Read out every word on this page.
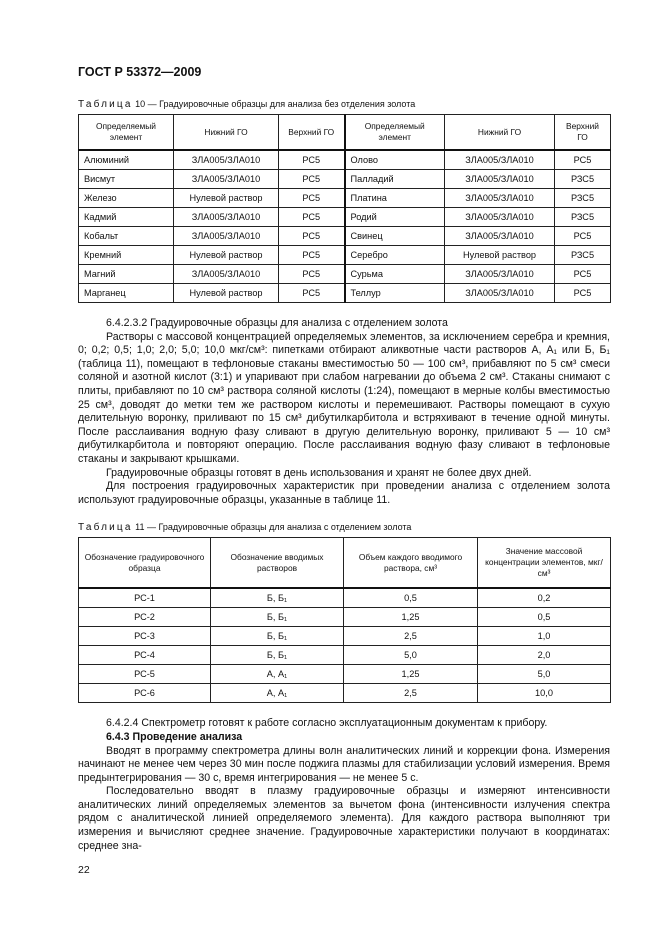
ГОСТ Р 53372—2009
Таблица 10 — Градуировочные образцы для анализа без отделения золота
Определяемый элемент	Нижний ГО	Верхний ГО	Определяемый элемент	Нижний ГО	Верхний ГО
Алюминий	ЗЛА005/ЗЛА010	РС5	Олово	ЗЛА005/ЗЛА010	РС5
Висмут	ЗЛА005/ЗЛА010	РС5	Палладий	ЗЛА005/ЗЛА010	РЗС5
Железо	Нулевой раствор	РС5	Платина	ЗЛА005/ЗЛА010	РЗС5
Кадмий	ЗЛА005/ЗЛА010	РС5	Родий	ЗЛА005/ЗЛА010	РЗС5
Кобальт	ЗЛА005/ЗЛА010	РС5	Свинец	ЗЛА005/ЗЛА010	РС5
Кремний	Нулевой раствор	РС5	Серебро	Нулевой раствор	РЗС5
Магний	ЗЛА005/ЗЛА010	РС5	Сурьма	ЗЛА005/ЗЛА010	РС5
Марганец	Нулевой раствор	РС5	Теллур	ЗЛА005/ЗЛА010	РС5

6.4.2.3.2 Градуировочные образцы для анализа с отделением золота

Растворы с массовой концентрацией определяемых элементов, за исключением серебра и кремния, 0; 0,2; 0,5; 1,0; 2,0; 5,0; 10,0 мкг/см³: пипетками отбирают аликвотные части растворов А, А₁ или Б, Б₁ (таблица 11), помещают в тефлоновые стаканы вместимостью 50 — 100 см³, прибавляют по 5 см³ смеси соляной и азотной кислот (3:1) и упаривают при слабом нагревании до объема 2 см³. Стаканы снимают с плиты, прибавляют по 10 см³ раствора соляной кислоты (1:24), помещают в мерные колбы вместимостью 25 см³, доводят до метки тем же раствором кислоты и перемешивают. Растворы помещают в сухую делительную воронку, приливают по 15 см³ дибутилкарбитола и встряхивают в течение одной минуты. После расслаивания водную фазу сливают в другую делительную воронку, приливают 5 — 10 см³ дибутилкарбитола и повторяют операцию. После расслаивания водную фазу сливают в тефлоновые стаканы и закрывают крышками.

Градуировочные образцы готовят в день использования и хранят не более двух дней.

Для построения градуировочных характеристик при проведении анализа с отделением золота используют градуировочные образцы, указанные в таблице 11.

Таблица 11 — Градуировочные образцы для анализа с отделением золота
Обозначение градуировочного образца	Обозначение вводимых растворов	Объем каждого вводимого раствора, см³	Значение массовой концентрации элементов, мкг/см³
РС-1	Б, Б₁	0,5	0,2
РС-2	Б, Б₁	1,25	0,5
РС-3	Б, Б₁	2,5	1,0
РС-4	Б, Б₁	5,0	2,0
РС-5	А, А₁	1,25	5,0
РС-6	А, А₁	2,5	10,0

6.4.2.4 Спектрометр готовят к работе согласно эксплуатационным документам к прибору.

6.4.3 Проведение анализа

Вводят в программу спектрометра длины волн аналитических линий и коррекции фона. Измерения начинают не менее чем через 30 мин после поджига плазмы для стабилизации условий измерения. Время предынтегрирования — 30 с, время интегрирования — не менее 5 с.

Последовательно вводят в плазму градуировочные образцы и измеряют интенсивности аналитических линий определяемых элементов за вычетом фона (интенсивности излучения спектра рядом с аналитической линией определяемого элемента). Для каждого раствора выполняют три измерения и вычисляют среднее значение. Градуировочные характеристики получают в координатах: среднее зна-

22
